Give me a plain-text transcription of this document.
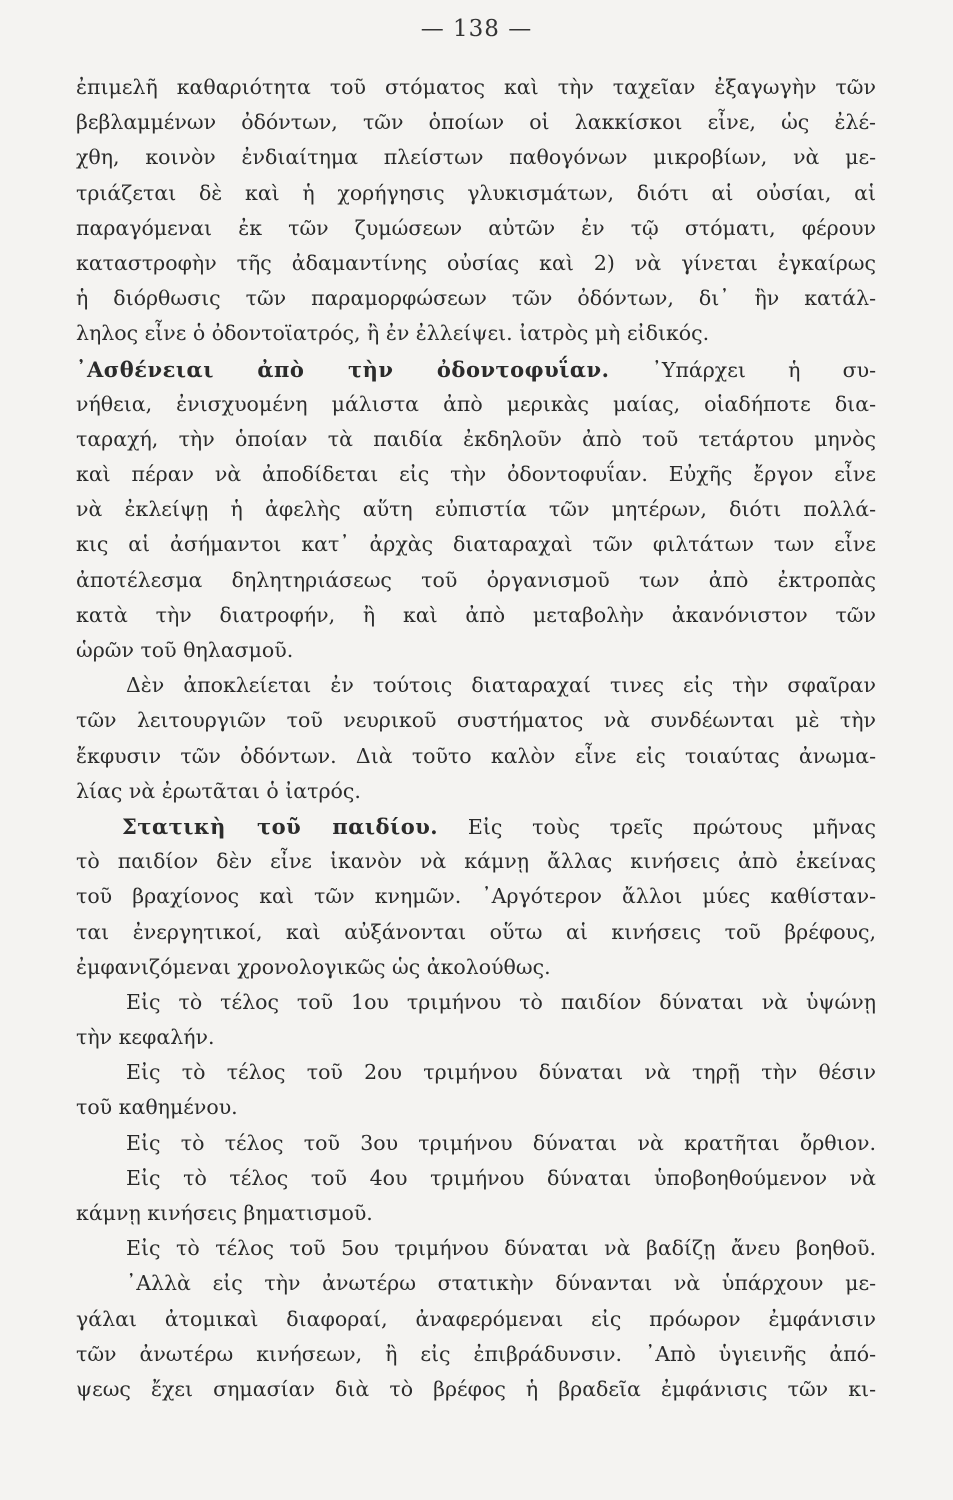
— 138 —
ἐπιμελῆ καθαριότητα τοῦ στόματος καὶ τὴν ταχεῖαν ἐξαγωγὴν τῶν
βεβλαμμένων ὀδόντων, τῶν ὁποίων οἱ λακκίσκοι εἶνε, ὡς ἐλέ-
χθη, κοινὸν ἐνδιαίτημα πλείστων παθογόνων μικροβίων, νὰ με-
τριάζεται δὲ καὶ ἡ χορήγησις γλυκισμάτων, διότι αἱ οὐσίαι, αἱ
παραγόμεναι ἐκ τῶν ζυμώσεων αὐτῶν ἐν τῷ στόματι, φέρουν
καταστροφὴν τῆς ἀδαμαντίνης οὐσίας καὶ 2) νὰ γίνεται ἐγκαίρως
ἡ διόρθωσις τῶν παραμορφώσεων τῶν ὀδόντων, δι᾽ ἣν κατάλ-
ληλος εἶνε ὁ ὀδοντοϊατρός, ἢ ἐν ἐλλείψει. ἰατρὸς μὴ εἰδικός.
᾽Ασθένειαι ἀπὸ τὴν ὀδοντοφυΐαν. ᾽Υπάρχει ἡ συ-
νήθεια, ἐνισχυομένη μάλιστα ἀπὸ μερικὰς μαίας, οἱαδήποτε δια-
ταραχή, τὴν ὁποίαν τὰ παιδία ἐκδηλοῦν ἀπὸ τοῦ τετάρτου μηνὸς
καὶ πέραν νὰ ἀποδίδεται εἰς τὴν ὀδοντοφυΐαν. Εὐχῆς ἔργον εἶνε
νὰ ἐκλείψῃ ἡ ἀφελὴς αὕτη εὐπιστία τῶν μητέρων, διότι πολλά-
κις αἱ ἀσήμαντοι κατ᾽ ἀρχὰς διαταραχαὶ τῶν φιλτάτων των εἶνε
ἀποτέλεσμα δηλητηριάσεως τοῦ ὀργανισμοῦ των ἀπὸ ἐκτροπὰς
κατὰ τὴν διατροφήν, ἢ καὶ ἀπὸ μεταβολὴν ἀκανόνιστον τῶν
ὡρῶν τοῦ θηλασμοῦ.
Δὲν ἀποκλείεται ἐν τούτοις διαταραχαί τινες εἰς τὴν σφαῖραν
τῶν λειτουργιῶν τοῦ νευρικοῦ συστήματος νὰ συνδέωνται μὲ τὴν
ἔκφυσιν τῶν ὀδόντων. Διὰ τοῦτο καλὸν εἶνε εἰς τοιαύτας ἀνωμα-
λίας νὰ ἐρωτᾶται ὁ ἰατρός.
Στατικὴ τοῦ παιδίου. Εἰς τοὺς τρεῖς πρώτους μῆνας
τὸ παιδίον δὲν εἶνε ἱκανὸν νὰ κάμνῃ ἄλλας κινήσεις ἀπὸ ἐκείνας
τοῦ βραχίονος καὶ τῶν κνημῶν. ᾽Αργότερον ἄλλοι μύες καθίσταν-
ται ἐνεργητικοί, καὶ αὐξάνονται οὕτω αἱ κινήσεις τοῦ βρέφους,
ἐμφανιζόμεναι χρονολογικῶς ὡς ἀκολούθως.
Εἰς τὸ τέλος τοῦ 1ου τριμήνου τὸ παιδίον δύναται νὰ ὑψώνῃ
τὴν κεφαλήν.
Εἰς τὸ τέλος τοῦ 2ου τριμήνου δύναται νὰ τηρῇ τὴν θέσιν
τοῦ καθημένου.
Εἰς τὸ τέλος τοῦ 3ου τριμήνου δύναται νὰ κρατῆται ὄρθιον.
Εἰς τὸ τέλος τοῦ 4ου τριμήνου δύναται ὑποβοηθούμενον νὰ
κάμνῃ κινήσεις βηματισμοῦ.
Εἰς τὸ τέλος τοῦ 5ου τριμήνου δύναται νὰ βαδίζῃ ἄνευ βοηθοῦ.
᾽Αλλὰ εἰς τὴν ἀνωτέρω στατικὴν δύνανται νὰ ὑπάρχουν με-
γάλαι ἀτομικαὶ διαφοραί, ἀναφερόμεναι εἰς πρόωρον ἐμφάνισιν
τῶν ἀνωτέρω κινήσεων, ἢ εἰς ἐπιβράδυνσιν. ᾽Απὸ ὑγιεινῆς ἀπό-
ψεως ἔχει σημασίαν διὰ τὸ βρέφος ἡ βραδεῖα ἐμφάνισις τῶν κι-
